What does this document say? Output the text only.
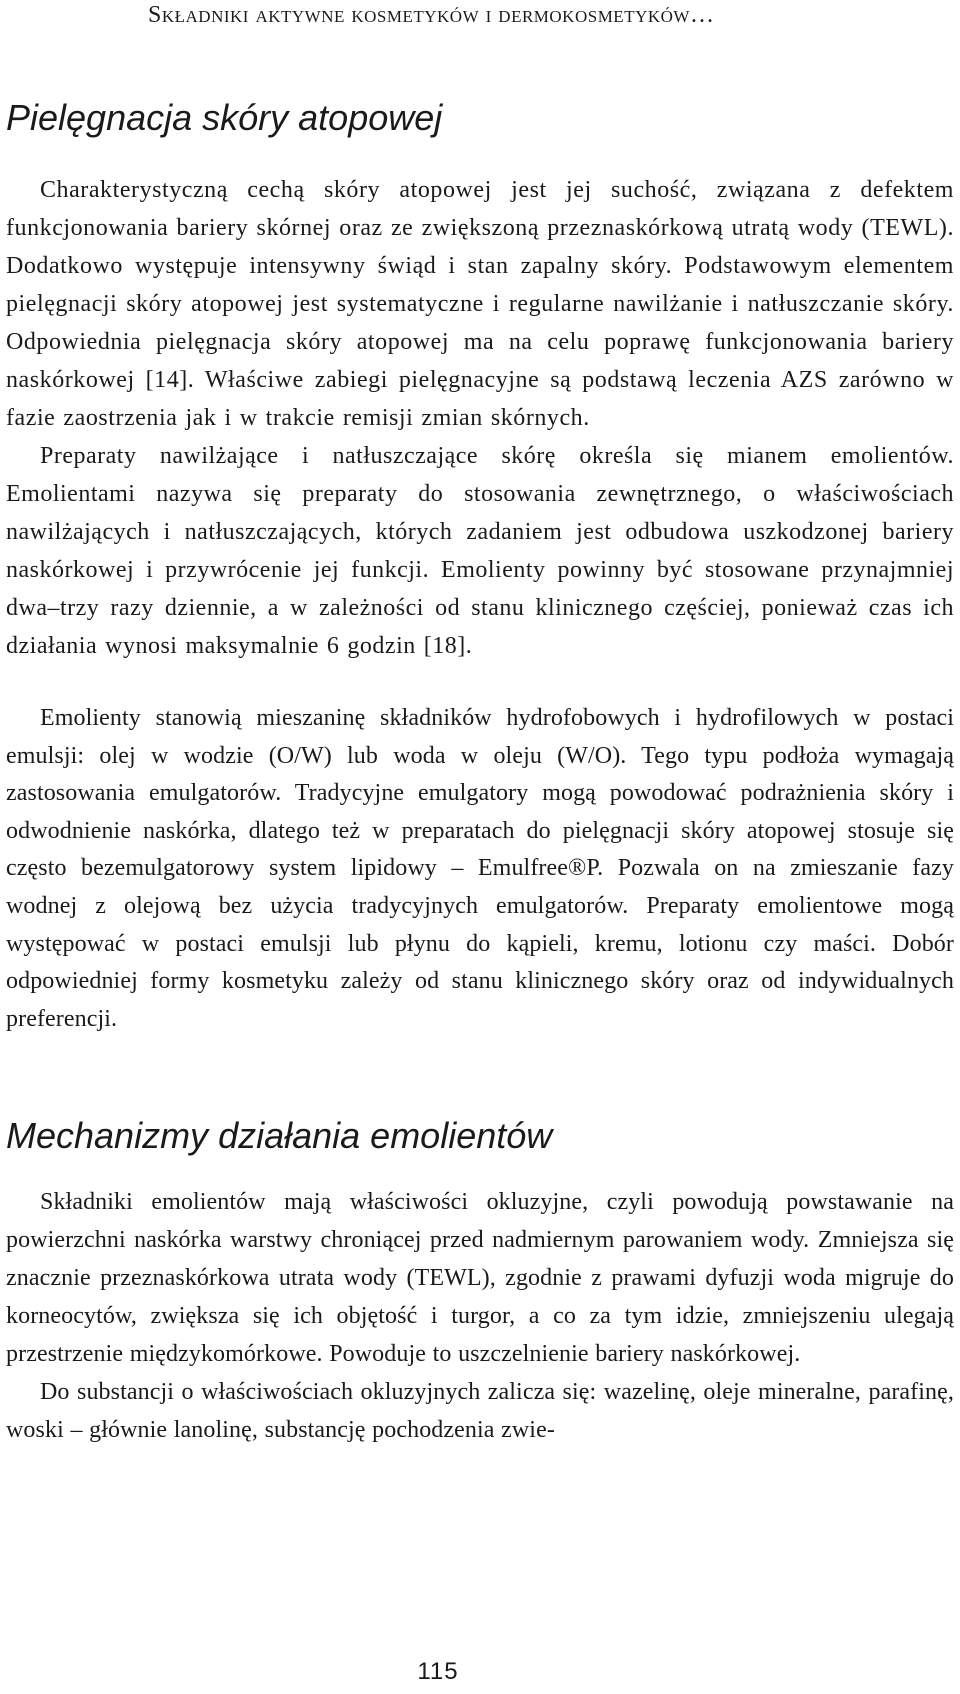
Składniki aktywne kosmetyków i dermokosmetyków…
Pielęgnacja skóry atopowej

Charakterystyczną cechą skóry atopowej jest jej suchość, związana z defektem funkcjonowania bariery skórnej oraz ze zwiększoną przeznaskórkową utratą wody (TEWL). Dodatkowo występuje intensywny świąd i stan zapalny skóry. Podstawowym elementem pielęgnacji skóry atopowej jest systematyczne i regularne nawilżanie i natłuszczanie skóry. Odpowiednia pielęgnacja skóry atopowej ma na celu poprawę funkcjonowania bariery naskórkowej [14]. Właściwe zabiegi pielęgnacyjne są podstawą leczenia AZS zarówno w fazie zaostrzenia jak i w trakcie remisji zmian skórnych.

Preparaty nawilżające i natłuszczające skórę określa się mianem emolientów. Emolientami nazywa się preparaty do stosowania zewnętrznego, o właściwościach nawilżających i natłuszczających, których zadaniem jest odbudowa uszkodzonej bariery naskórkowej i przywrócenie jej funkcji. Emolienty powinny być stosowane przynajmniej dwa–trzy razy dziennie, a w zależności od stanu klinicznego częściej, ponieważ czas ich działania wynosi maksymalnie 6 godzin [18].

Emolienty stanowią mieszaninę składników hydrofobowych i hydrofilowych w postaci emulsji: olej w wodzie (O/W) lub woda w oleju (W/O). Tego typu podłoża wymagają zastosowania emulgatorów. Tradycyjne emulgatory mogą powodować podrażnienia skóry i odwodnienie naskórka, dlatego też w preparatach do pielęgnacji skóry atopowej stosuje się często bezemulgatorowy system lipidowy – Emulfree®P. Pozwala on na zmieszanie fazy wodnej z olejową bez użycia tradycyjnych emulgatorów. Preparaty emolientowe mogą występować w postaci emulsji lub płynu do kąpieli, kremu, lotionu czy maści. Dobór odpowiedniej formy kosmetyku zależy od stanu klinicznego skóry oraz od indywidualnych preferencji.

Mechanizmy działania emolientów

Składniki emolientów mają właściwości okluzyjne, czyli powodują powstawanie na powierzchni naskórka warstwy chroniącej przed nadmiernym parowaniem wody. Zmniejsza się znacznie przeznaskórkowa utrata wody (TEWL), zgodnie z prawami dyfuzji woda migruje do korneocytów, zwiększa się ich objętość i turgor, a co za tym idzie, zmniejszeniu ulegają przestrzenie międzykomórkowe. Powoduje to uszczelnienie bariery naskórkowej.

Do substancji o właściwościach okluzyjnych zalicza się: wazelinę, oleje mineralne, parafinę, woski – głównie lanolinę, substancję pochodzenia zwie-

115
